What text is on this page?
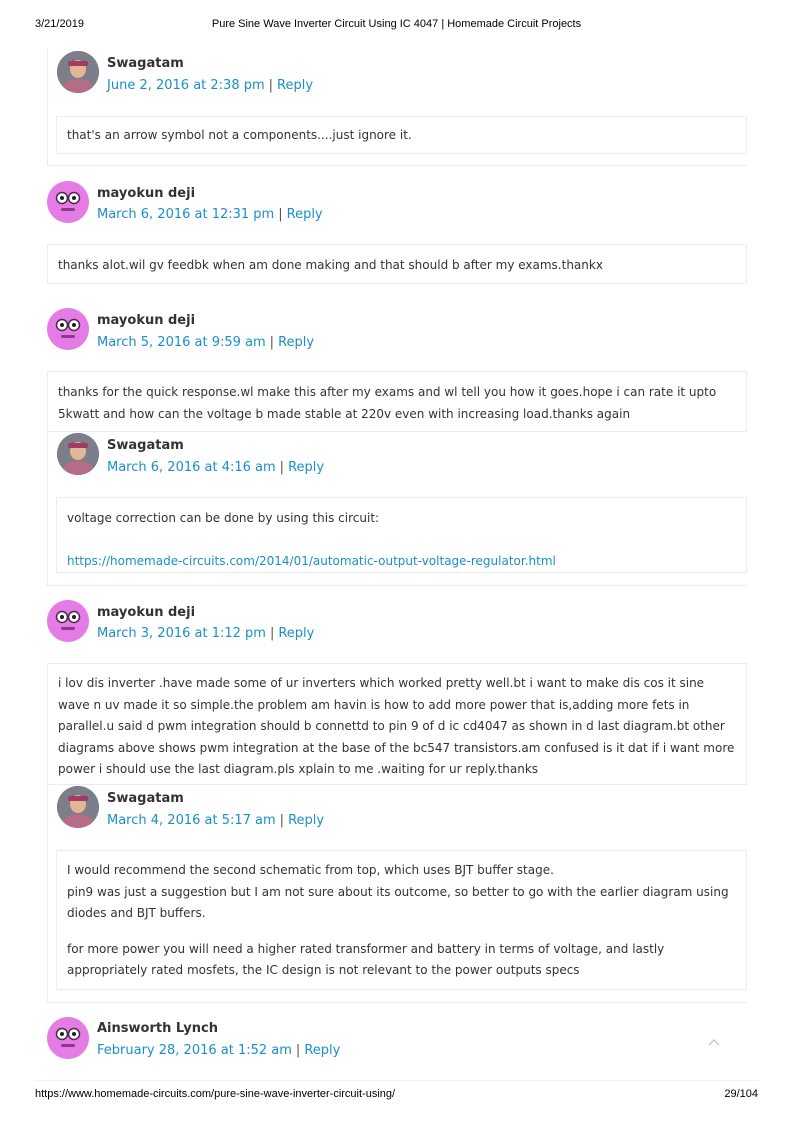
3/21/2019	Pure Sine Wave Inverter Circuit Using IC 4047 | Homemade Circuit Projects
Swagatam
June 2, 2016 at 2:38 pm | Reply

that's an arrow symbol not a components....just ignore it.

mayokun deji
March 6, 2016 at 12:31 pm | Reply

thanks alot.wil gv feedbk when am done making and that should b after my exams.thankx

mayokun deji
March 5, 2016 at 9:59 am | Reply

thanks for the quick response.wl make this after my exams and wl tell you how it goes.hope i can rate it upto 5kwatt and how can the voltage b made stable at 220v even with increasing load.thanks again

Swagatam
March 6, 2016 at 4:16 am | Reply

voltage correction can be done by using this circuit:

https://homemade-circuits.com/2014/01/automatic-output-voltage-regulator.html

mayokun deji
March 3, 2016 at 1:12 pm | Reply

i lov dis inverter .have made some of ur inverters which worked pretty well.bt i want to make dis cos it sine wave n uv made it so simple.the problem am havin is how to add more power that is,adding more fets in parallel.u said d pwm integration should b connettd to pin 9 of d ic cd4047 as shown in d last diagram.bt other diagrams above shows pwm integration at the base of the bc547 transistors.am confused is it dat if i want more power i should use the last diagram.pls xplain to me .waiting for ur reply.thanks

Swagatam
March 4, 2016 at 5:17 am | Reply

I would recommend the second schematic from top, which uses BJT buffer stage.
pin9 was just a suggestion but I am not sure about its outcome, so better to go with the earlier diagram using diodes and BJT buffers.

for more power you will need a higher rated transformer and battery in terms of voltage, and lastly appropriately rated mosfets, the IC design is not relevant to the power outputs specs

Ainsworth Lynch
February 28, 2016 at 1:52 am | Reply
https://www.homemade-circuits.com/pure-sine-wave-inverter-circuit-using/	29/104
